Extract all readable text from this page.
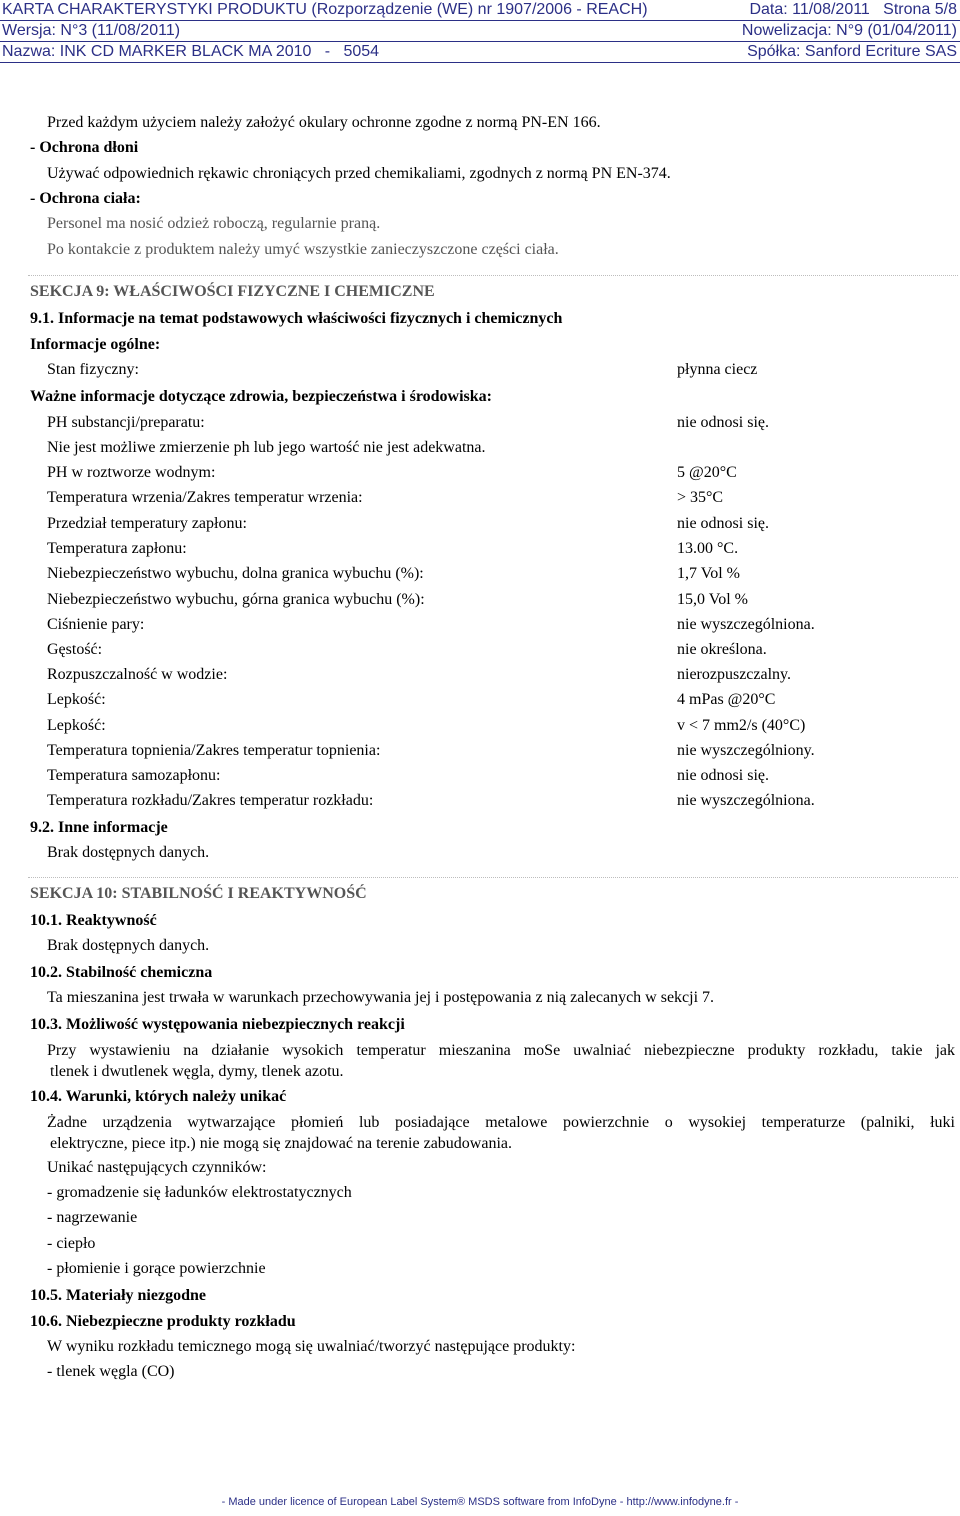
KARTA CHARAKTERYSTYKI PRODUKTU (Rozporządzenie (WE) nr 1907/2006 - REACH)	Data: 11/08/2011 Strona 5/8
Wersja: N°3 (11/08/2011)	Nowelizacja: N°9 (01/04/2011)
Nazwa: INK CD MARKER BLACK MA 2010   -   5054	Spółka: Sanford Ecriture SAS
Przed każdym użyciem należy założyć okulary ochronne zgodne z normą PN-EN 166.
- Ochrona dłoni
Używać odpowiednich rękawic chroniących przed chemikaliami, zgodnych z normą PN EN-374.
- Ochrona ciała:
Personel ma nosić odzież roboczą, regularnie praną.
Po kontakcie z produktem należy umyć wszystkie zanieczyszczone części ciała.
SEKCJA 9: WŁAŚCIWOŚCI FIZYCZNE I CHEMICZNE
9.1. Informacje na temat podstawowych właściwości fizycznych i chemicznych
Informacje ogólne:
Stan fizyczny:	płynna ciecz
Ważne informacje dotyczące zdrowia, bezpieczeństwa i środowiska:
PH substancji/preparatu:	nie odnosi się.
Nie jest możliwe zmierzenie ph lub jego wartość nie jest adekwatna.
PH w roztworze wodnym:	5 @20°C
Temperatura wrzenia/Zakres temperatur wrzenia:	> 35°C
Przedział temperatury zapłonu:	nie odnosi się.
Temperatura zapłonu:	13.00 °C.
Niebezpieczeństwo wybuchu, dolna granica wybuchu (%):	1,7 Vol %
Niebezpieczeństwo wybuchu, górna granica wybuchu (%):	15,0 Vol %
Ciśnienie pary:	nie wyszczególniona.
Gęstość:	nie określona.
Rozpuszczalność w wodzie:	nierozpuszczalny.
Lepkość:	4 mPas @20°C
Lepkość:	v < 7 mm2/s (40°C)
Temperatura topnienia/Zakres temperatur topnienia:	nie wyszczególniony.
Temperatura samozapłonu:	nie odnosi się.
Temperatura rozkładu/Zakres temperatur rozkładu:	nie wyszczególniona.
9.2. Inne informacje
Brak dostępnych danych.
SEKCJA 10: STABILNOŚĆ I REAKTYWNOŚĆ
10.1. Reaktywność
Brak dostępnych danych.
10.2. Stabilność chemiczna
Ta mieszanina jest trwała w warunkach przechowywania jej i postępowania z nią zalecanych w sekcji 7.
10.3. Możliwość występowania niebezpiecznych reakcji
Przy wystawieniu na działanie wysokich temperatur mieszanina moSe uwalniać niebezpieczne produkty rozkładu, takie jak
tlenek i dwutlenek węgla, dymy, tlenek azotu.
10.4. Warunki, których należy unikać
Żadne urządzenia wytwarzające płomień lub posiadające metalowe powierzchnie o wysokiej temperaturze (palniki, łuki
elektryczne, piece itp.) nie mogą się znajdować na terenie zabudowania.
Unikać następujących czynników:
- gromadzenie się ładunków elektrostatycznych
- nagrzewanie
- ciepło
- płomienie i gorące powierzchnie
10.5. Materiały niezgodne
10.6. Niebezpieczne produkty rozkładu
W wyniku rozkładu temicznego mogą się uwalniać/tworzyć następujące produkty:
- tlenek węgla (CO)
- Made under licence of European Label System® MSDS software from InfoDyne - http://www.infodyne.fr -
